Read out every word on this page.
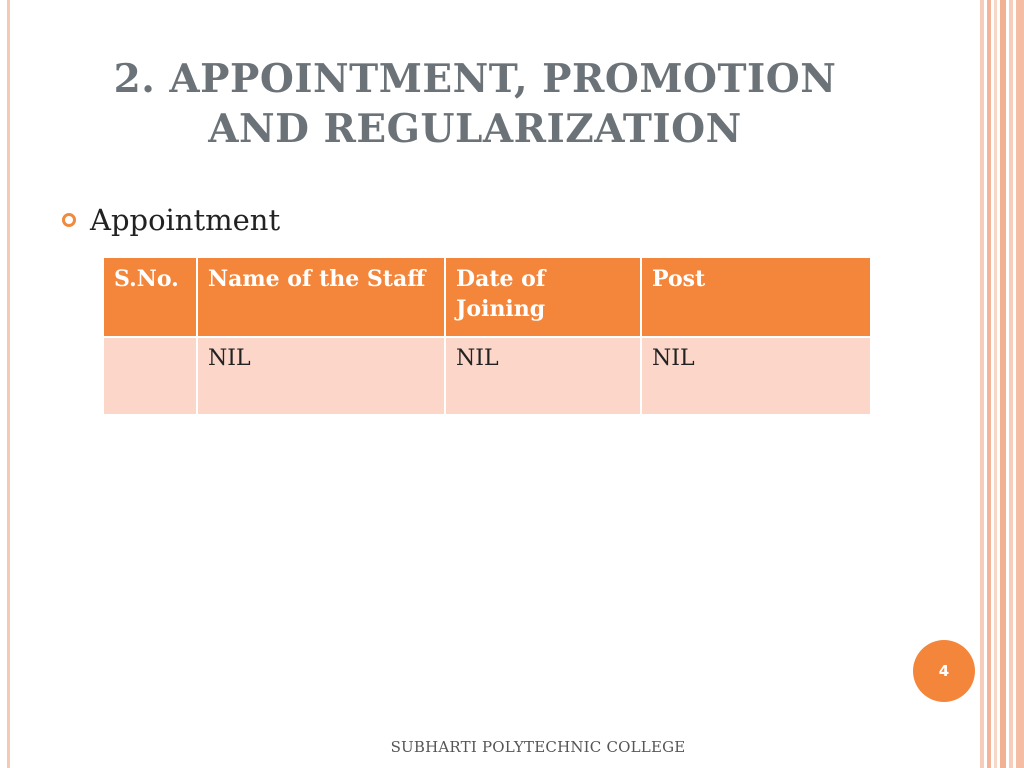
2. APPOINTMENT, PROMOTION AND REGULARIZATION
Appointment
S.No.	Name of the Staff	Date of Joining	Post
	NIL	NIL	NIL
4
SUBHARTI POLYTECHNIC COLLEGE
